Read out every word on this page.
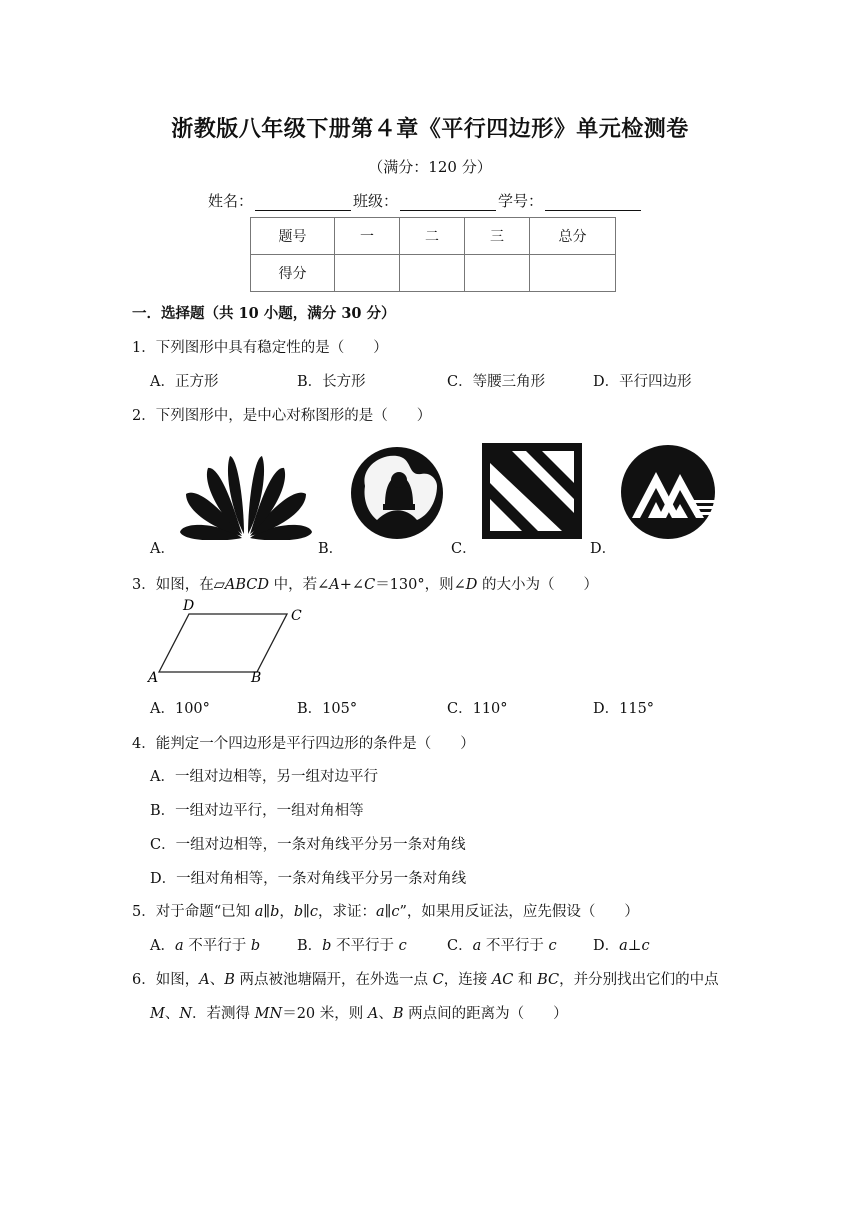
浙教版八年级下册第４章《平行四边形》单元检测卷
（满分：120 分）
姓名：	班级：	学号：
题号	一	二	三	总分
得分				
一．选择题（共 10 小题，满分 30 分）
1．下列图形中具有稳定性的是（　　）
A．正方形	B．长方形	C．等腰三角形	D．平行四边形
2．下列图形中，是中心对称图形的是（　　）
A．	B．	C．	D．
3．如图，在▱ABCD 中，若∠A+∠C＝130°，则∠D 的大小为（　　）
A	B
C
D
A．100°	B．105°	C．110°	D．115°
4．能判定一个四边形是平行四边形的条件是（　　）
A．一组对边相等，另一组对边平行
B．一组对边平行，一组对角相等
C．一组对边相等，一条对角线平分另一条对角线
D．一组对角相等，一条对角线平分另一条对角线
5．对于命题“已知 a∥b，b∥c，求证：a∥c”，如果用反证法，应先假设（　　）
A．a 不平行于 b	B．b 不平行于 c	C．a 不平行于 c	D．a⊥c
6．如图，A、B 两点被池塘隔开，在外选一点 C，连接 AC 和 BC，并分别找出它们的中点
M、N．若测得 MN＝20 米，则 A、B 两点间的距离为（　　）
